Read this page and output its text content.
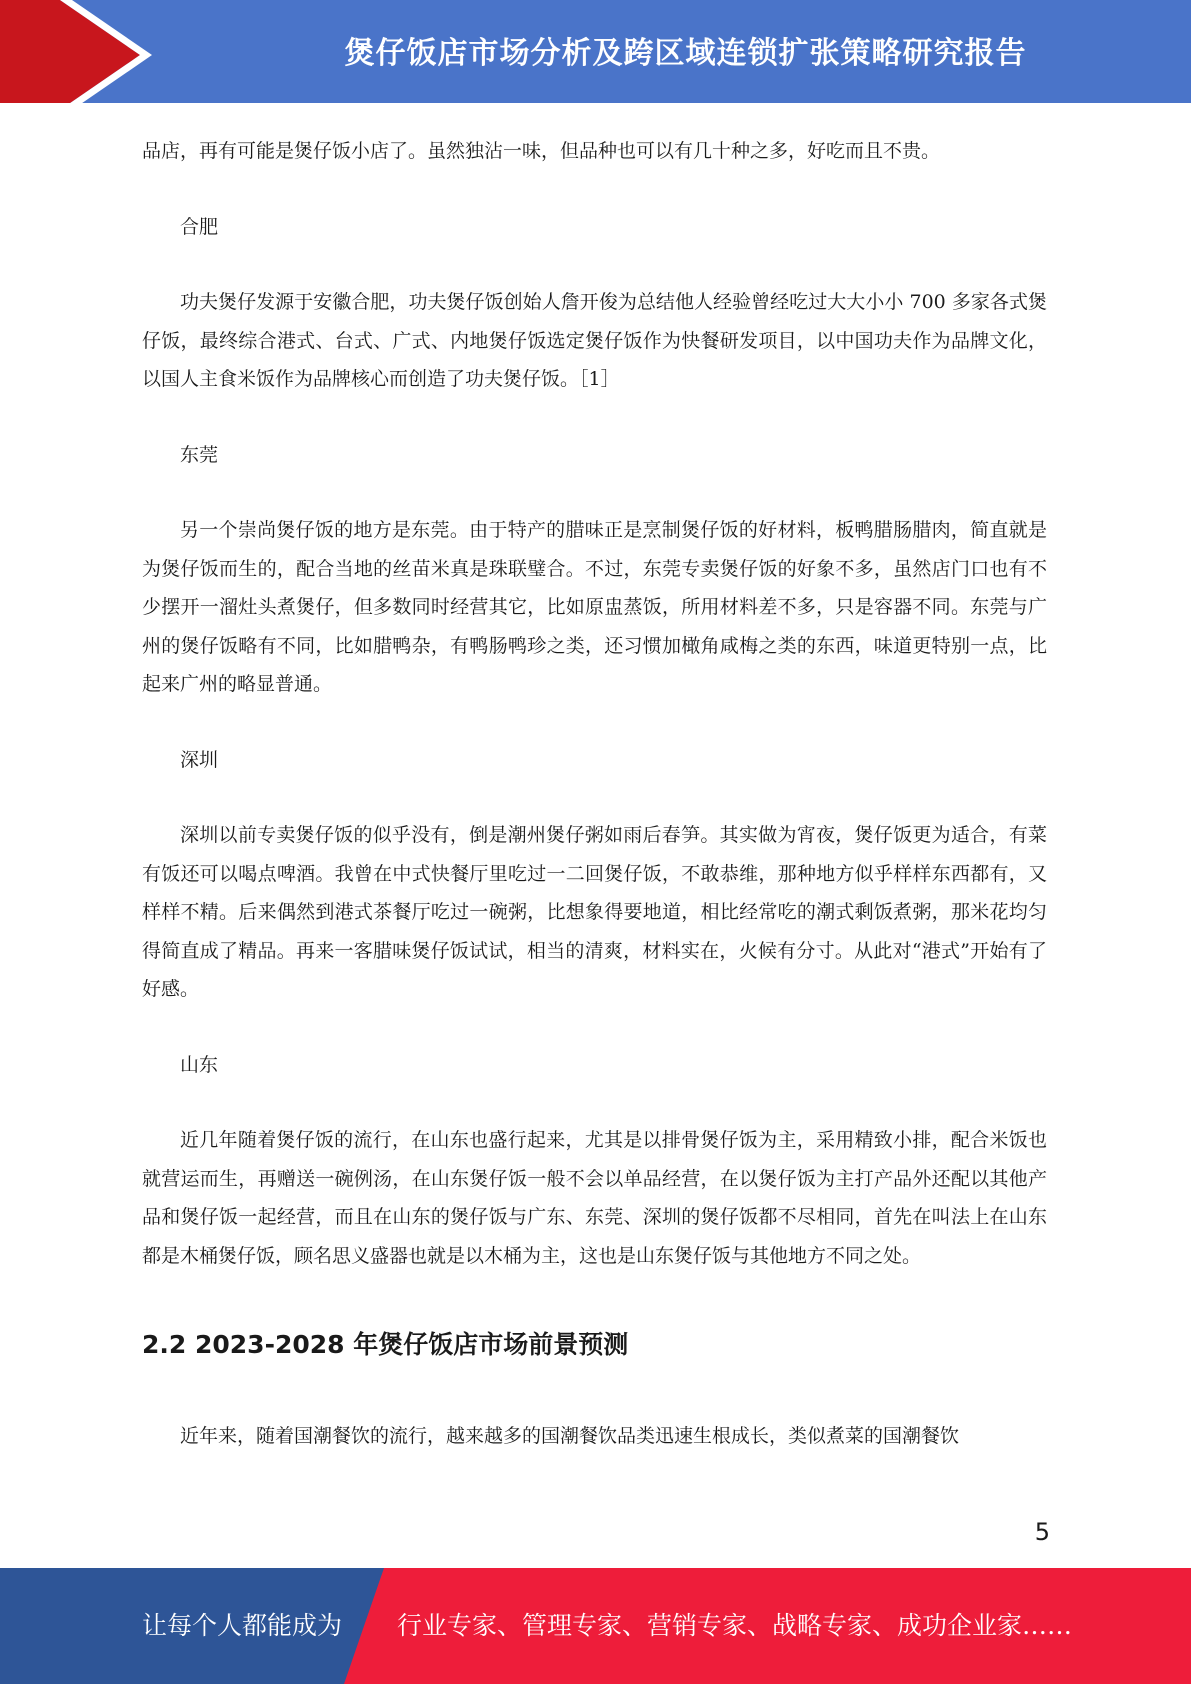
煲仔饭店市场分析及跨区域连锁扩张策略研究报告

品店，再有可能是煲仔饭小店了。虽然独沾一味，但品种也可以有几十种之多，好吃而且不贵。

合肥

功夫煲仔发源于安徽合肥，功夫煲仔饭创始人詹开俊为总结他人经验曾经吃过大大小小 700 多家各式煲仔饭，最终综合港式、台式、广式、内地煲仔饭选定煲仔饭作为快餐研发项目，以中国功夫作为品牌文化，以国人主食米饭作为品牌核心而创造了功夫煲仔饭。［1］

东莞

另一个崇尚煲仔饭的地方是东莞。由于特产的腊味正是烹制煲仔饭的好材料，板鸭腊肠腊肉，简直就是为煲仔饭而生的，配合当地的丝苗米真是珠联璧合。不过，东莞专卖煲仔饭的好象不多，虽然店门口也有不少摆开一溜灶头煮煲仔，但多数同时经营其它，比如原盅蒸饭，所用材料差不多，只是容器不同。东莞与广州的煲仔饭略有不同，比如腊鸭杂，有鸭肠鸭珍之类，还习惯加橄角咸梅之类的东西，味道更特别一点，比起来广州的略显普通。

深圳

深圳以前专卖煲仔饭的似乎没有，倒是潮州煲仔粥如雨后春笋。其实做为宵夜，煲仔饭更为适合，有菜有饭还可以喝点啤酒。我曾在中式快餐厅里吃过一二回煲仔饭，不敢恭维，那种地方似乎样样东西都有，又样样不精。后来偶然到港式茶餐厅吃过一碗粥，比想象得要地道，相比经常吃的潮式剩饭煮粥，那米花均匀得简直成了精品。再来一客腊味煲仔饭试试，相当的清爽，材料实在，火候有分寸。从此对“港式”开始有了好感。

山东

近几年随着煲仔饭的流行，在山东也盛行起来，尤其是以排骨煲仔饭为主，采用精致小排，配合米饭也就营运而生，再赠送一碗例汤，在山东煲仔饭一般不会以单品经营，在以煲仔饭为主打产品外还配以其他产品和煲仔饭一起经营，而且在山东的煲仔饭与广东、东莞、深圳的煲仔饭都不尽相同，首先在叫法上在山东都是木桶煲仔饭，顾名思义盛器也就是以木桶为主，这也是山东煲仔饭与其他地方不同之处。

2.2 2023-2028 年煲仔饭店市场前景预测

近年来，随着国潮餐饮的流行，越来越多的国潮餐饮品类迅速生根成长，类似煮菜的国潮餐饮

5
让每个人都能成为 行业专家、管理专家、营销专家、战略专家、成功企业家……
